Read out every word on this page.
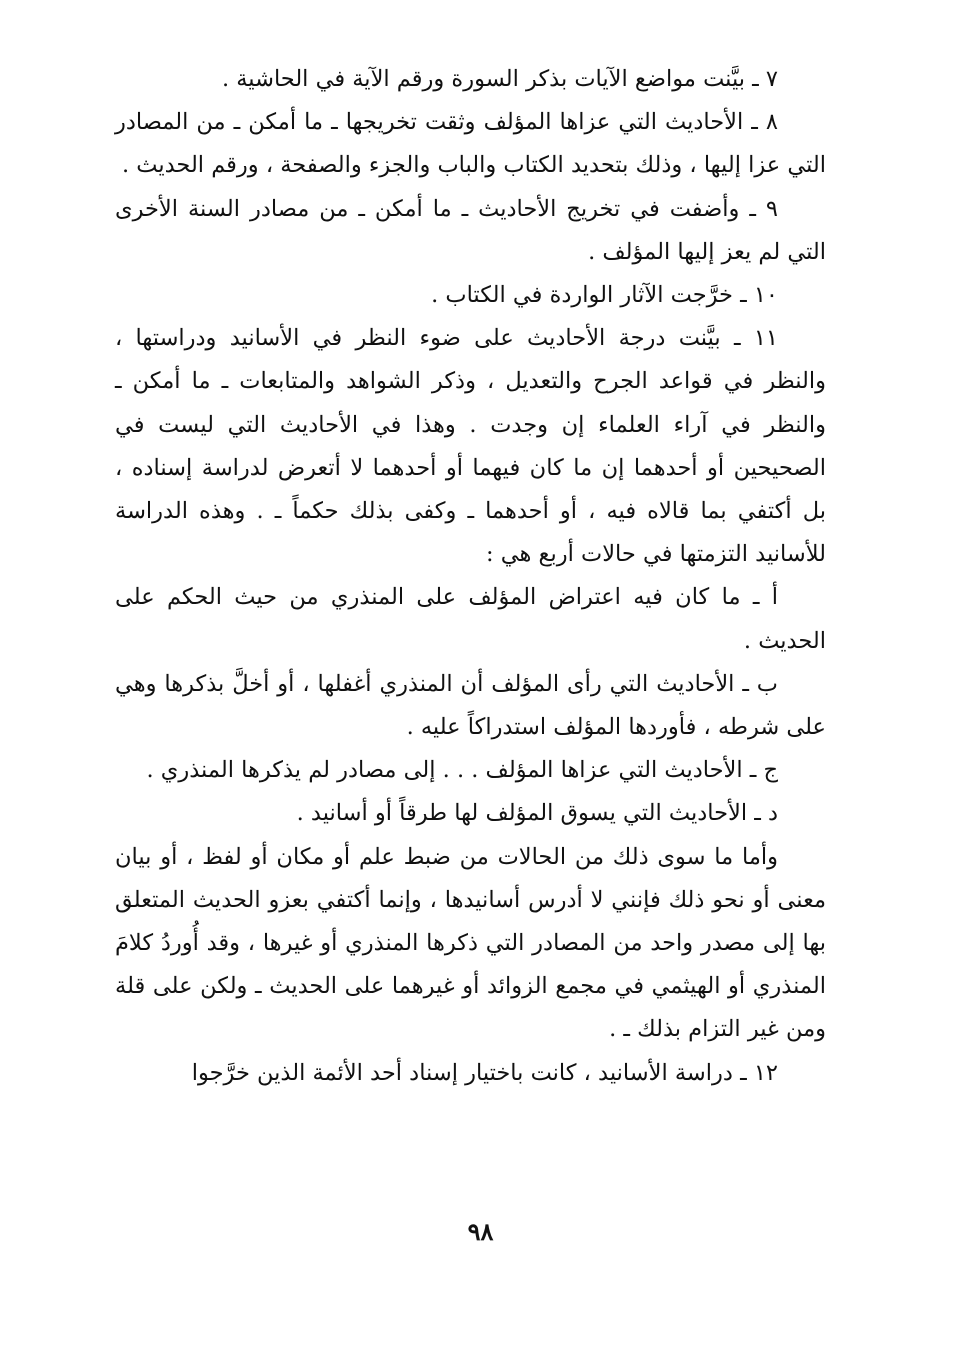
٧ ـ بيَّنت مواضع الآيات بذكر السورة ورقم الآية في الحاشية .

٨ ـ الأحاديث التي عزاها المؤلف وثقت تخريجها ـ ما أمكن ـ من المصادر التي عزا إليها ، وذلك بتحديد الكتاب والباب والجزء والصفحة ، ورقم الحديث .

٩ ـ وأضفت في تخريج الأحاديث ـ ما أمكن ـ من مصادر السنة الأخرى التي لم يعز إليها المؤلف .

١٠ ـ خرَّجت الآثار الواردة في الكتاب .

١١ ـ بيَّنت درجة الأحاديث على ضوء النظر في الأسانيد ودراستها ، والنظر في قواعد الجرح والتعديل ، وذكر الشواهد والمتابعات ـ ما أمكن ـ والنظر في آراء العلماء إن وجدت . وهذا في الأحاديث التي ليست في الصحيحين أو أحدهما إن ما كان فيهما أو أحدهما لا أتعرض لدراسة إسناده ، بل أكتفي بما قالاه فيه ، أو أحدهما ـ وكفى بذلك حكماً ـ . وهذه الدراسة للأسانيد التزمتها في حالات أربع هي :

أ ـ ما كان فيه اعتراض المؤلف على المنذري من حيث الحكم على الحديث .

ب ـ الأحاديث التي رأى المؤلف أن المنذري أغفلها ، أو أخلَّ بذكرها وهي على شرطه ، فأوردها المؤلف استدراكاً عليه .

ج ـ الأحاديث التي عزاها المؤلف . . . إلى مصادر لم يذكرها المنذري .

د ـ الأحاديث التي يسوق المؤلف لها طرقاً أو أسانيد .

وأما ما سوى ذلك من الحالات من ضبط علم أو مكان أو لفظ ، أو بيان معنى أو نحو ذلك فإنني لا أدرس أسانيدها ، وإنما أكتفي بعزو الحديث المتعلق بها إلى مصدر واحد من المصادر التي ذكرها المنذري أو غيرها ، وقد أُوردُ كلامَ المنذري أو الهيثمي في مجمع الزوائد أو غيرهما على الحديث ـ ولكن على قلة ومن غير التزام بذلك ـ .

١٢ ـ دراسة الأسانيد ، كانت باختيار إسناد أحد الأئمة الذين خرَّجوا

٩٨
